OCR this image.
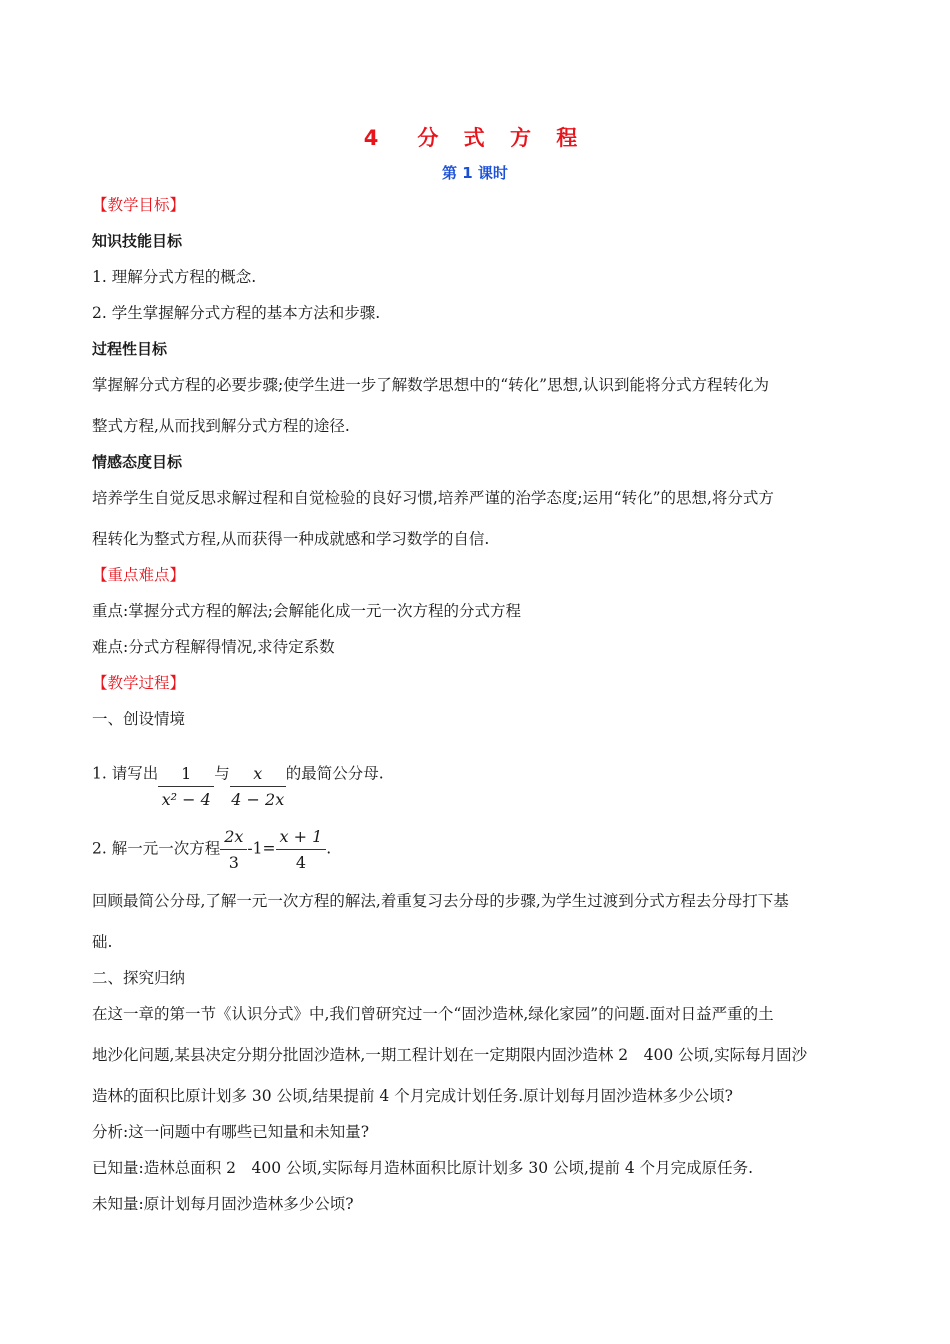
4　分 式 方 程
第 1 课时
【教学目标】
知识技能目标
1. 理解分式方程的概念.
2. 学生掌握解分式方程的基本方法和步骤.
过程性目标
掌握解分式方程的必要步骤;使学生进一步了解数学思想中的“转化”思想,认识到能将分式方程转化为
整式方程,从而找到解分式方程的途径.
情感态度目标
培养学生自觉反思求解过程和自觉检验的良好习惯,培养严谨的治学态度;运用“转化”的思想,将分式方
程转化为整式方程,从而获得一种成就感和学习数学的自信.
【重点难点】
重点:掌握分式方程的解法;会解能化成一元一次方程的分式方程
难点:分式方程解得情况,求待定系数
【教学过程】
一、创设情境
1. 请写出 $\frac{1}{\text{x² − 4}}$ 与 $\frac{x}{4 - 2x}$ 的最简公分母.
2. 解一元一次方程 $\frac{2x}{3} -1= \frac{x + 1}{4}$ .
回顾最简公分母,了解一元一次方程的解法,着重复习去分母的步骤,为学生过渡到分式方程去分母打下基
础.
二、探究归纳
在这一章的第一节《认识分式》中,我们曾研究过一个“固沙造林,绿化家园”的问题.面对日益严重的土
地沙化问题,某县决定分期分批固沙造林,一期工程计划在一定期限内固沙造林 2　400 公顷,实际每月固沙
造林的面积比原计划多 30 公顷,结果提前 4 个月完成计划任务.原计划每月固沙造林多少公顷?
分析:这一问题中有哪些已知量和未知量?
已知量:造林总面积 2　400 公顷,实际每月造林面积比原计划多 30 公顷,提前 4 个月完成原任务.
未知量:原计划每月固沙造林多少公顷?
